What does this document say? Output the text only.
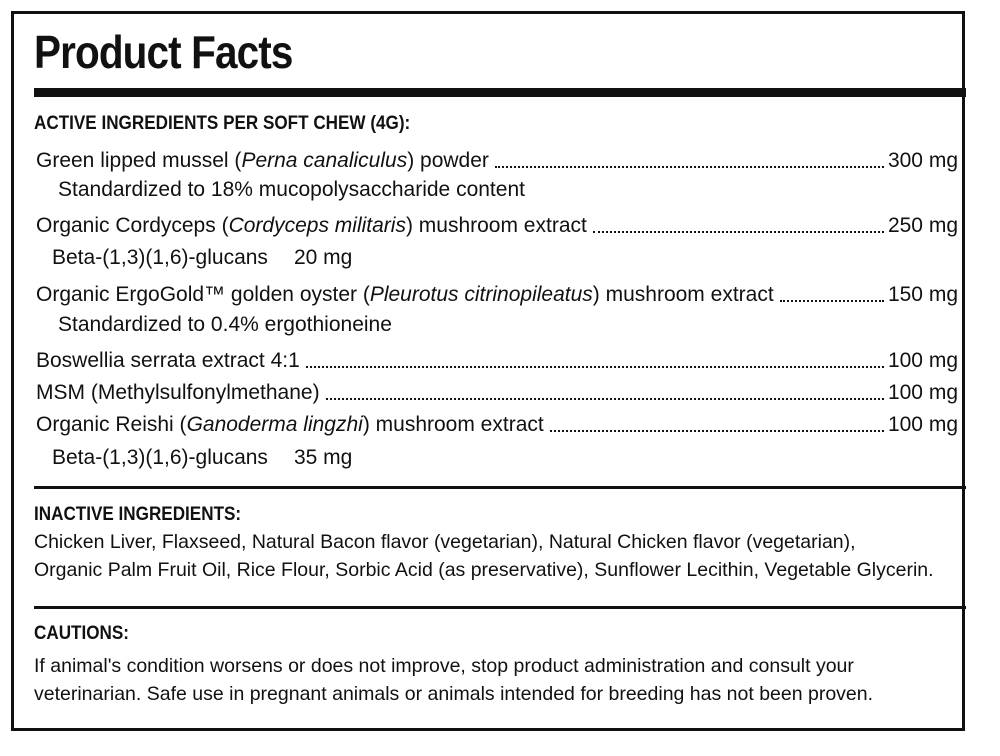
Product Facts
ACTIVE INGREDIENTS PER SOFT CHEW (4G):
Green lipped mussel (Perna canaliculus) powder	300 mg
Standardized to 18% mucopolysaccharide content
Organic Cordyceps (Cordyceps militaris) mushroom extract	250 mg
Beta-(1,3)(1,6)-glucans 20 mg
Organic ErgoGold™ golden oyster (Pleurotus citrinopileatus) mushroom extract	150 mg
Standardized to 0.4% ergothioneine
Boswellia serrata extract 4:1	100 mg
MSM (Methylsulfonylmethane)	100 mg
Organic Reishi (Ganoderma lingzhi) mushroom extract	100 mg
Beta-(1,3)(1,6)-glucans 35 mg
INACTIVE INGREDIENTS:
Chicken Liver, Flaxseed, Natural Bacon flavor (vegetarian), Natural Chicken flavor (vegetarian),
Organic Palm Fruit Oil, Rice Flour, Sorbic Acid (as preservative), Sunflower Lecithin, Vegetable Glycerin.
CAUTIONS:
If animal's condition worsens or does not improve, stop product administration and consult your
veterinarian. Safe use in pregnant animals or animals intended for breeding has not been proven.
